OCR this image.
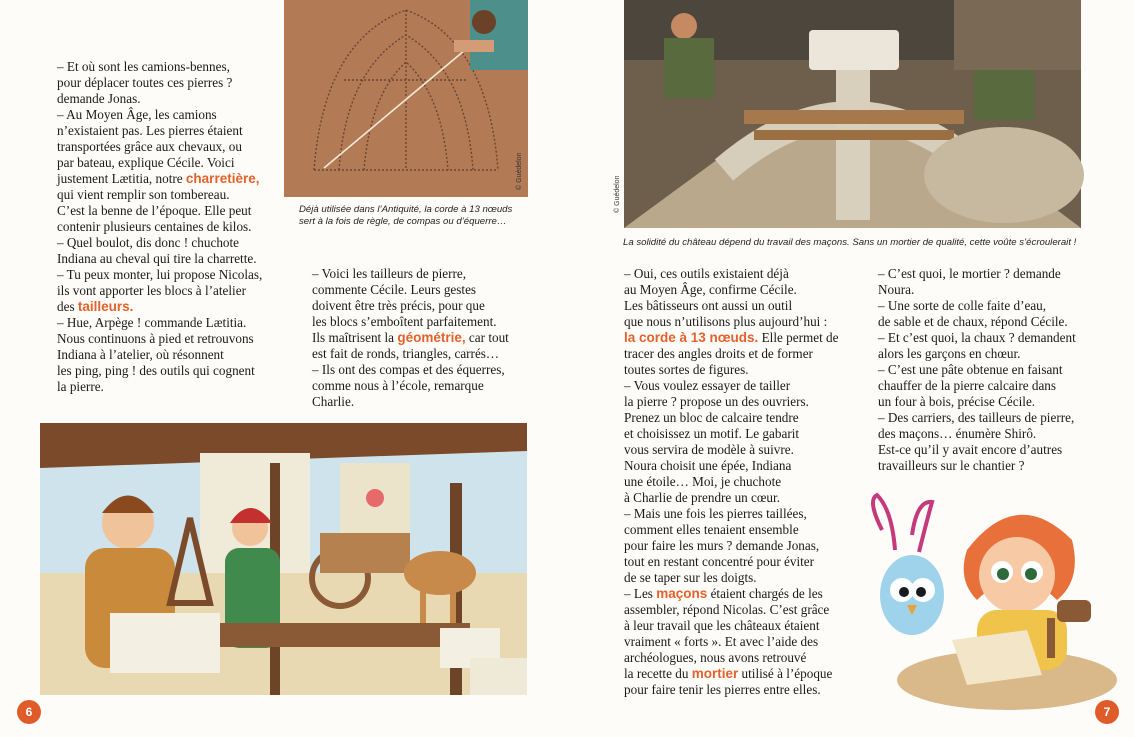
© Guédelon
Déjà utilisée dans l’Antiquité, la corde à 13 nœuds sert à la fois de règle, de compas ou d’équerre…

– Et où sont les camions-bennes,

pour déplacer toutes ces pierres ?

demande Jonas.

– Au Moyen Âge, les camions

n’existaient pas. Les pierres étaient

transportées grâce aux chevaux, ou

par bateau, explique Cécile. Voici

justement Lætitia, notre charretière,

qui vient remplir son tombereau.

C’est la benne de l’époque. Elle peut

contenir plusieurs centaines de kilos.

– Quel boulot, dis donc ! chuchote

Indiana au cheval qui tire la charrette.

– Tu peux monter, lui propose Nicolas,

ils vont apporter les blocs à l’atelier

des tailleurs.

– Hue, Arpège ! commande Lætitia.

Nous continuons à pied et retrouvons

Indiana à l’atelier, où résonnent

les ping, ping ! des outils qui cognent

la pierre.

– Voici les tailleurs de pierre,

commente Cécile. Leurs gestes

doivent être très précis, pour que

les blocs s’emboîtent parfaitement.

Ils maîtrisent la géométrie, car tout

est fait de ronds, triangles, carrés…

– Ils ont des compas et des équerres,

comme nous à l’école, remarque

Charlie.

6
© Guédelon
La solidité du château dépend du travail des maçons. Sans un mortier de qualité, cette voûte s’écroulerait !

– Oui, ces outils existaient déjà

au Moyen Âge, confirme Cécile.

Les bâtisseurs ont aussi un outil

que nous n’utilisons plus aujourd’hui :

la corde à 13 nœuds. Elle permet de

tracer des angles droits et de former

toutes sortes de figures.

– Vous voulez essayer de tailler

la pierre ? propose un des ouvriers.

Prenez un bloc de calcaire tendre

et choisissez un motif. Le gabarit

vous servira de modèle à suivre.

Noura choisit une épée, Indiana

une étoile… Moi, je chuchote

à Charlie de prendre un cœur.

– Mais une fois les pierres taillées,

comment elles tenaient ensemble

pour faire les murs ? demande Jonas,

tout en restant concentré pour éviter

de se taper sur les doigts.

– Les maçons étaient chargés de les

assembler, répond Nicolas. C’est grâce

à leur travail que les châteaux étaient

vraiment « forts ». Et avec l’aide des

archéologues, nous avons retrouvé

la recette du mortier utilisé à l’époque

pour faire tenir les pierres entre elles.

– C’est quoi, le mortier ? demande

Noura.

– Une sorte de colle faite d’eau,

de sable et de chaux, répond Cécile.

– Et c’est quoi, la chaux ? demandent

alors les garçons en chœur.

– C’est une pâte obtenue en faisant

chauffer de la pierre calcaire dans

un four à bois, précise Cécile.

– Des carriers, des tailleurs de pierre,

des maçons… énumère Shirô.

Est-ce qu’il y avait encore d’autres

travailleurs sur le chantier ?

7
